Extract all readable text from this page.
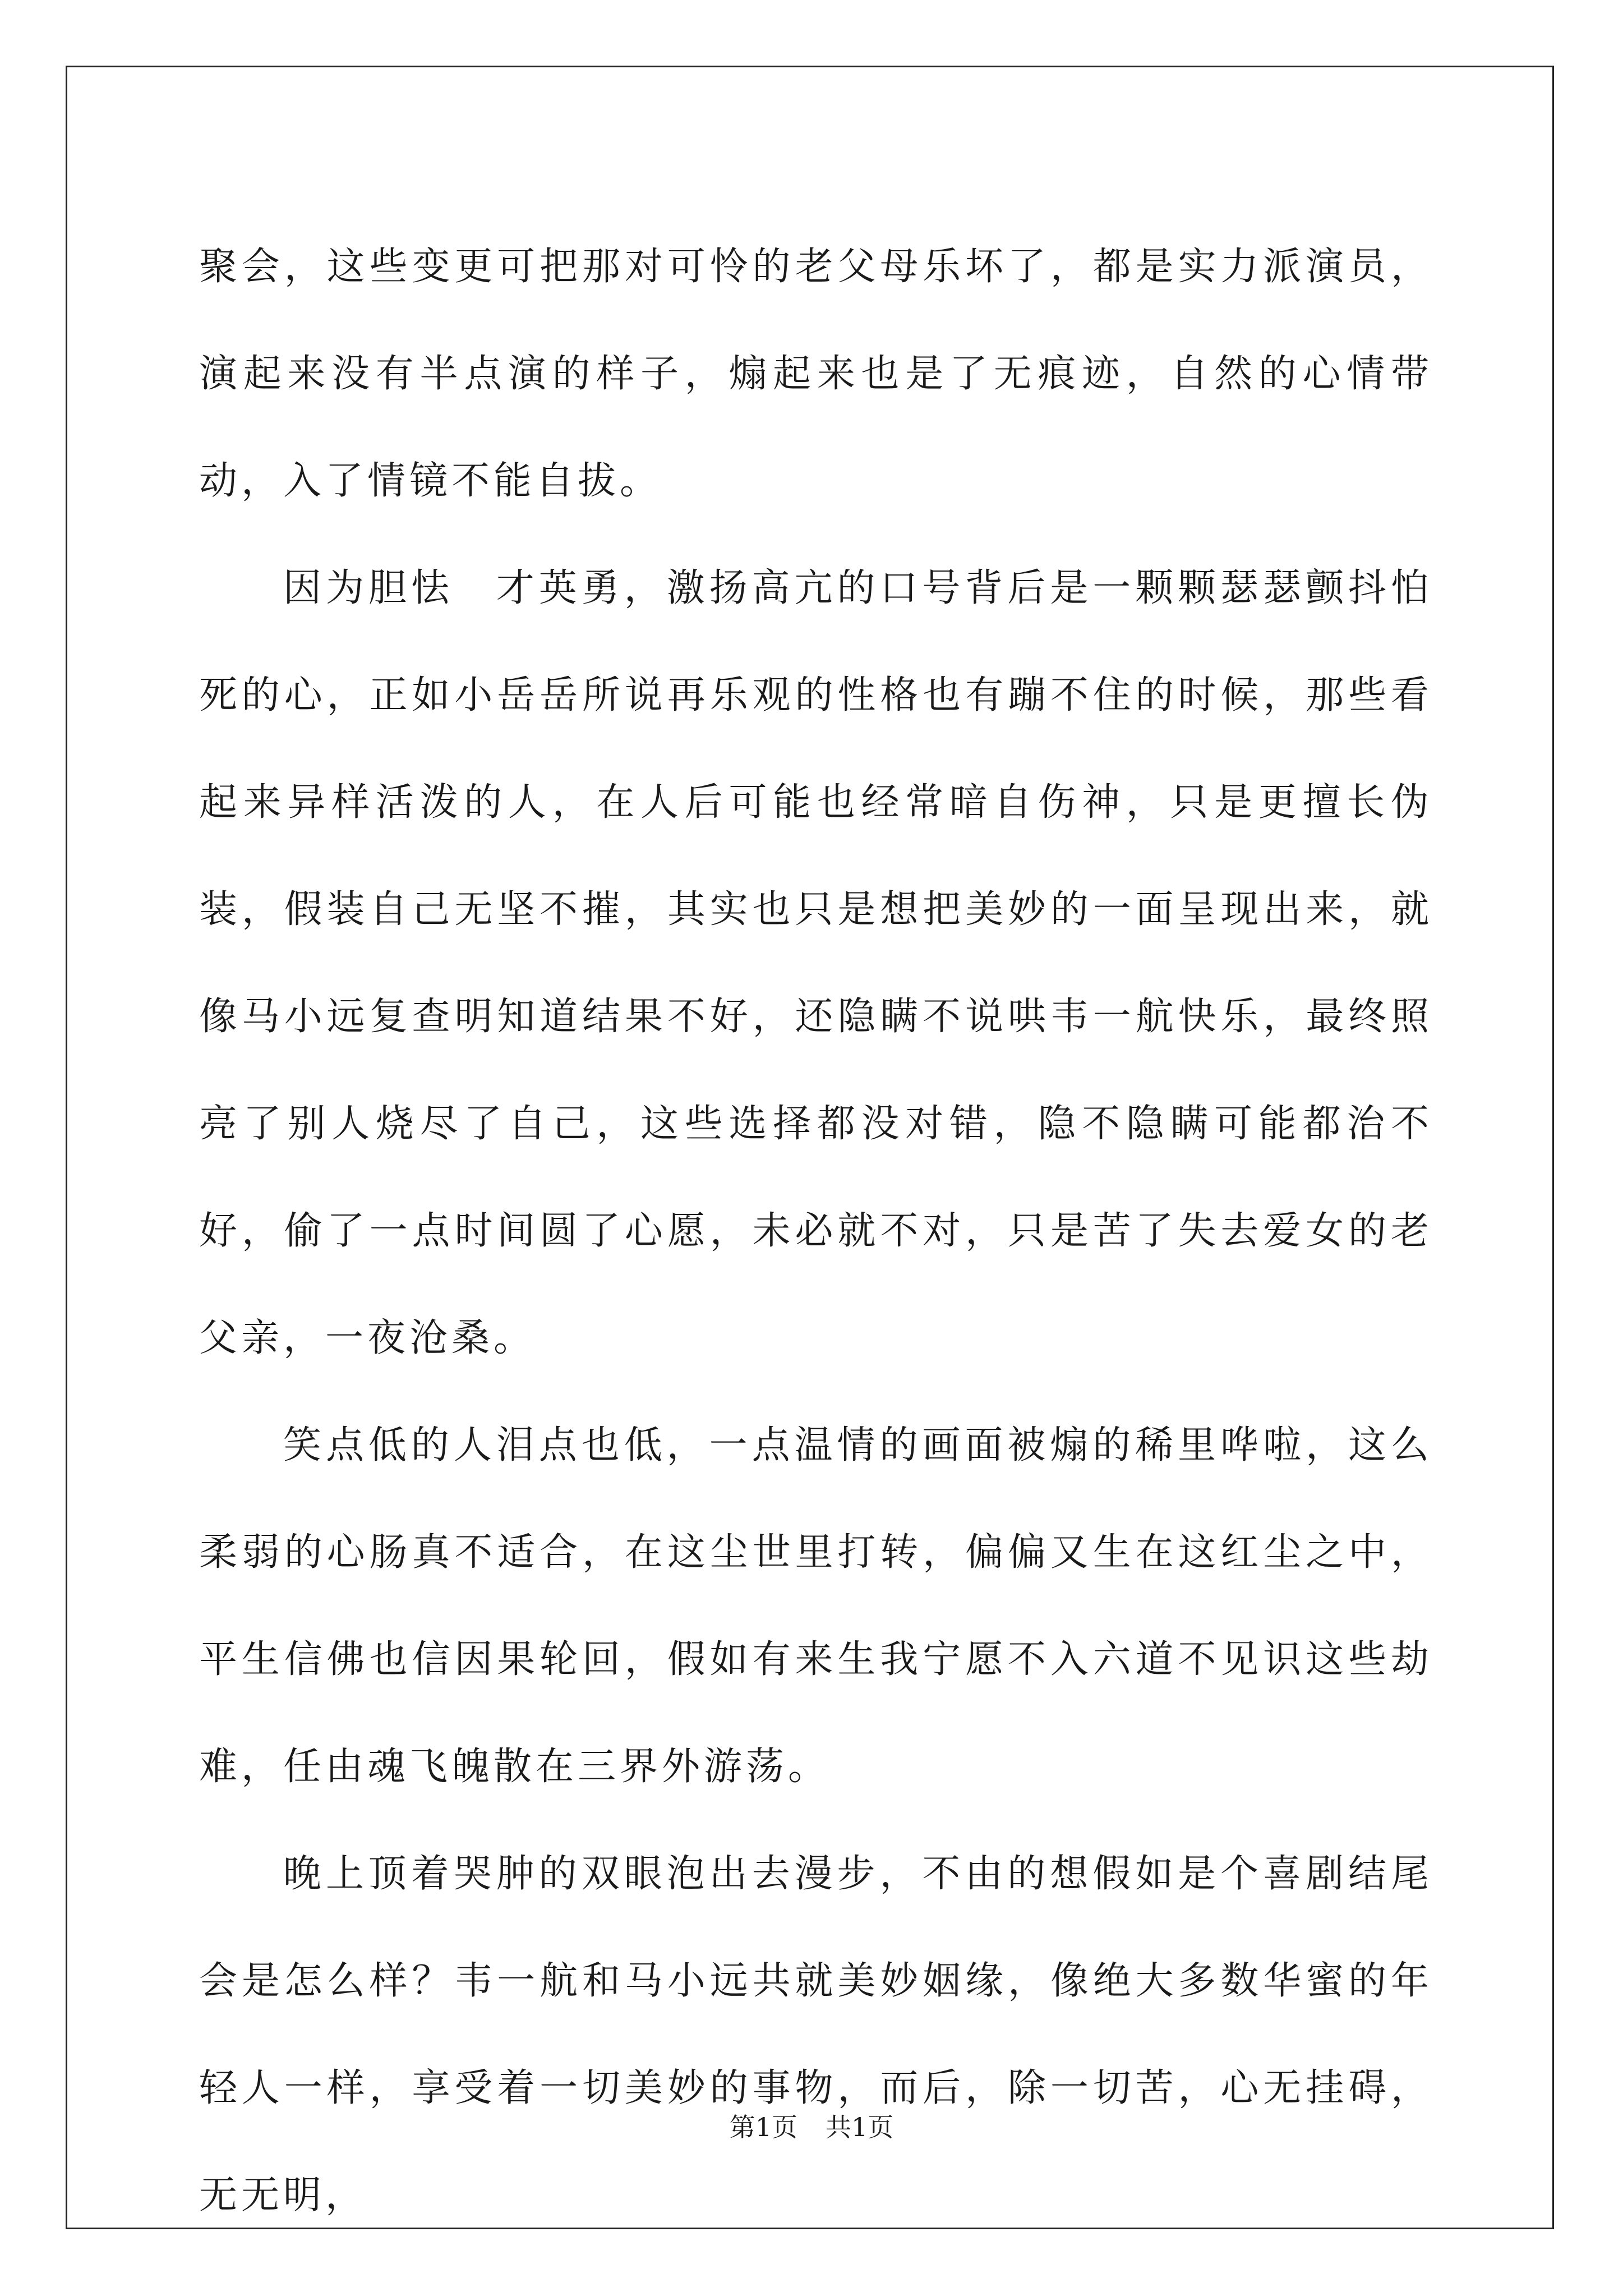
聚会，这些变更可把那对可怜的老父母乐坏了，都是实力派演员，演起来没有半点演的样子，煽起来也是了无痕迹，自然的心情带动，入了情镜不能自拔。

因为胆怯　才英勇，激扬高亢的口号背后是一颗颗瑟瑟颤抖怕死的心，正如小岳岳所说再乐观的性格也有蹦不住的时候，那些看起来异样活泼的人，在人后可能也经常暗自伤神，只是更擅长伪装，假装自己无坚不摧，其实也只是想把美妙的一面呈现出来，就像马小远复查明知道结果不好，还隐瞒不说哄韦一航快乐，最终照亮了别人烧尽了自己，这些选择都没对错，隐不隐瞒可能都治不好，偷了一点时间圆了心愿，未必就不对，只是苦了失去爱女的老父亲，一夜沧桑。

笑点低的人泪点也低，一点温情的画面被煽的稀里哗啦，这么柔弱的心肠真不适合，在这尘世里打转，偏偏又生在这红尘之中，平生信佛也信因果轮回，假如有来生我宁愿不入六道不见识这些劫难，任由魂飞魄散在三界外游荡。

晚上顶着哭肿的双眼泡出去漫步，不由的想假如是个喜剧结尾会是怎么样？韦一航和马小远共就美妙姻缘，像绝大多数华蜜的年轻人一样，享受着一切美妙的事物，而后，除一切苦，心无挂碍，无无明，

第1页 共1页
